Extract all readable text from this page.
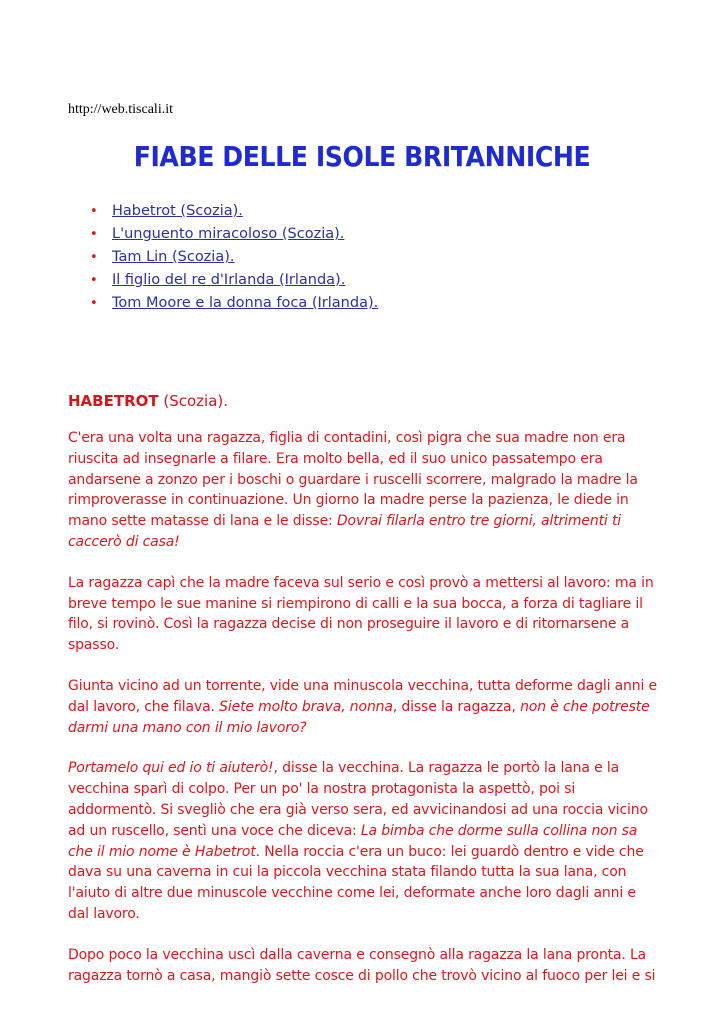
http://web.tiscali.it
FIABE DELLE ISOLE BRITANNICHE
• Habetrot (Scozia).
• L'unguento miracoloso (Scozia).
• Tam Lin (Scozia).
• Il figlio del re d'Irlanda (Irlanda).
• Tom Moore e la donna foca (Irlanda).
HABETROT (Scozia).

C'era una volta una ragazza, figlia di contadini, così pigra che sua madre non era riuscita ad insegnarle a filare. Era molto bella, ed il suo unico passatempo era andarsene a zonzo per i boschi o guardare i ruscelli scorrere, malgrado la madre la rimproverasse in continuazione. Un giorno la madre perse la pazienza, le diede in mano sette matasse di lana e le disse: Dovrai filarla entro tre giorni, altrimenti ti caccerò di casa!

La ragazza capì che la madre faceva sul serio e così provò a mettersi al lavoro: ma in breve tempo le sue manine si riempirono di calli e la sua bocca, a forza di tagliare il filo, si rovinò. Così la ragazza decise di non proseguire il lavoro e di ritornarsene a spasso.

Giunta vicino ad un torrente, vide una minuscola vecchina, tutta deforme dagli anni e dal lavoro, che filava. Siete molto brava, nonna, disse la ragazza, non è che potreste darmi una mano con il mio lavoro?

Portamelo qui ed io ti aiuterò!, disse la vecchina. La ragazza le portò la lana e la vecchina sparì di colpo. Per un po' la nostra protagonista la aspettò, poi si addormentò. Si svegliò che era già verso sera, ed avvicinandosi ad una roccia vicino ad un ruscello, sentì una voce che diceva: La bimba che dorme sulla collina non sa che il mio nome è Habetrot. Nella roccia c'era un buco: lei guardò dentro e vide che dava su una caverna in cui la piccola vecchina stata filando tutta la sua lana, con l'aiuto di altre due minuscole vecchine come lei, deformate anche loro dagli anni e dal lavoro.

Dopo poco la vecchina uscì dalla caverna e consegnò alla ragazza la lana pronta. La ragazza tornò a casa, mangiò sette cosce di pollo che trovò vicino al fuoco per lei e si
